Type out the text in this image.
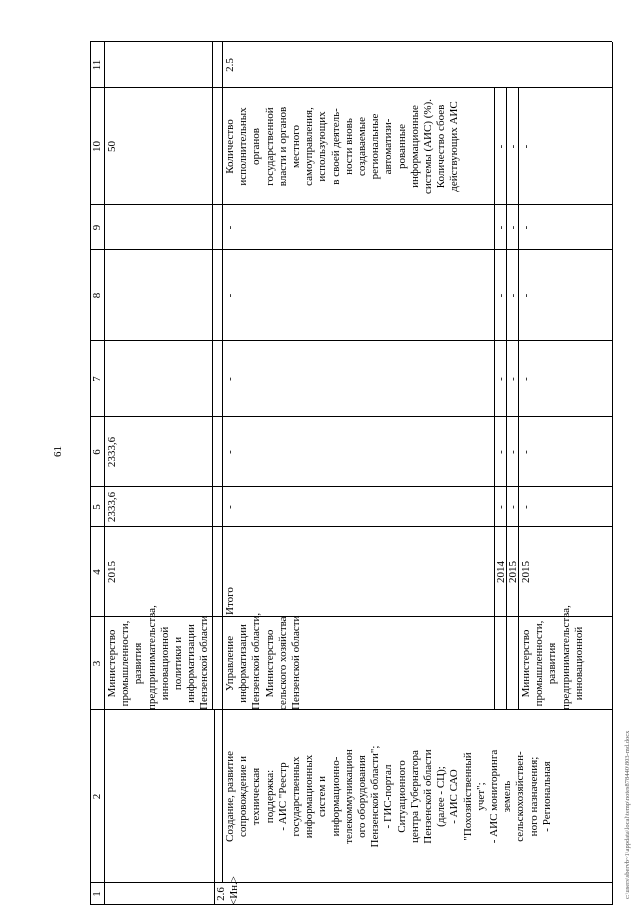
61
c:\users\sbervb~1\appdata\local\temp\notes878440\803-md.docx
1
2
3
4
5
6
7
8
9
10
11
Министерство промышленности, развития предпринимательства, инновационной политики и информатизации Пензенской области
2015
2333,6
2333,6
50
2.6 <Ин.>
Создание, развитие сопровождение и техническая поддержка: - АИС "Реестр государственных информационных систем и информационно- телекоммуникацион ого оборудования Пензенской области"; - ГИС-портал Ситуационного центра Губернатора Пензенской области (далее - СЦ); - АИС САО "Похозяйственный учет"; - АИС мониторинга земель сельскохозяйствен- ного назначения; - Региональная
Управление информатизации Пензенской области, Министерство сельского хозяйства Пензенской области
Итого
-
-
-
-
-
Количество исполнительных органов государственной власти и органов местного самоуправления, использующих в своей деятель- ности вновь создаваемые региональные автоматизи- рованные информационные системы (АИС) (%). Количество сбоев действующих АИС
2.5
2014
-
-
-
-
-
-
2015
-
-
-
-
-
-
Министерство промышленности, развития предпринимательства, инновационной
2015
-
-
-
-
-
-
